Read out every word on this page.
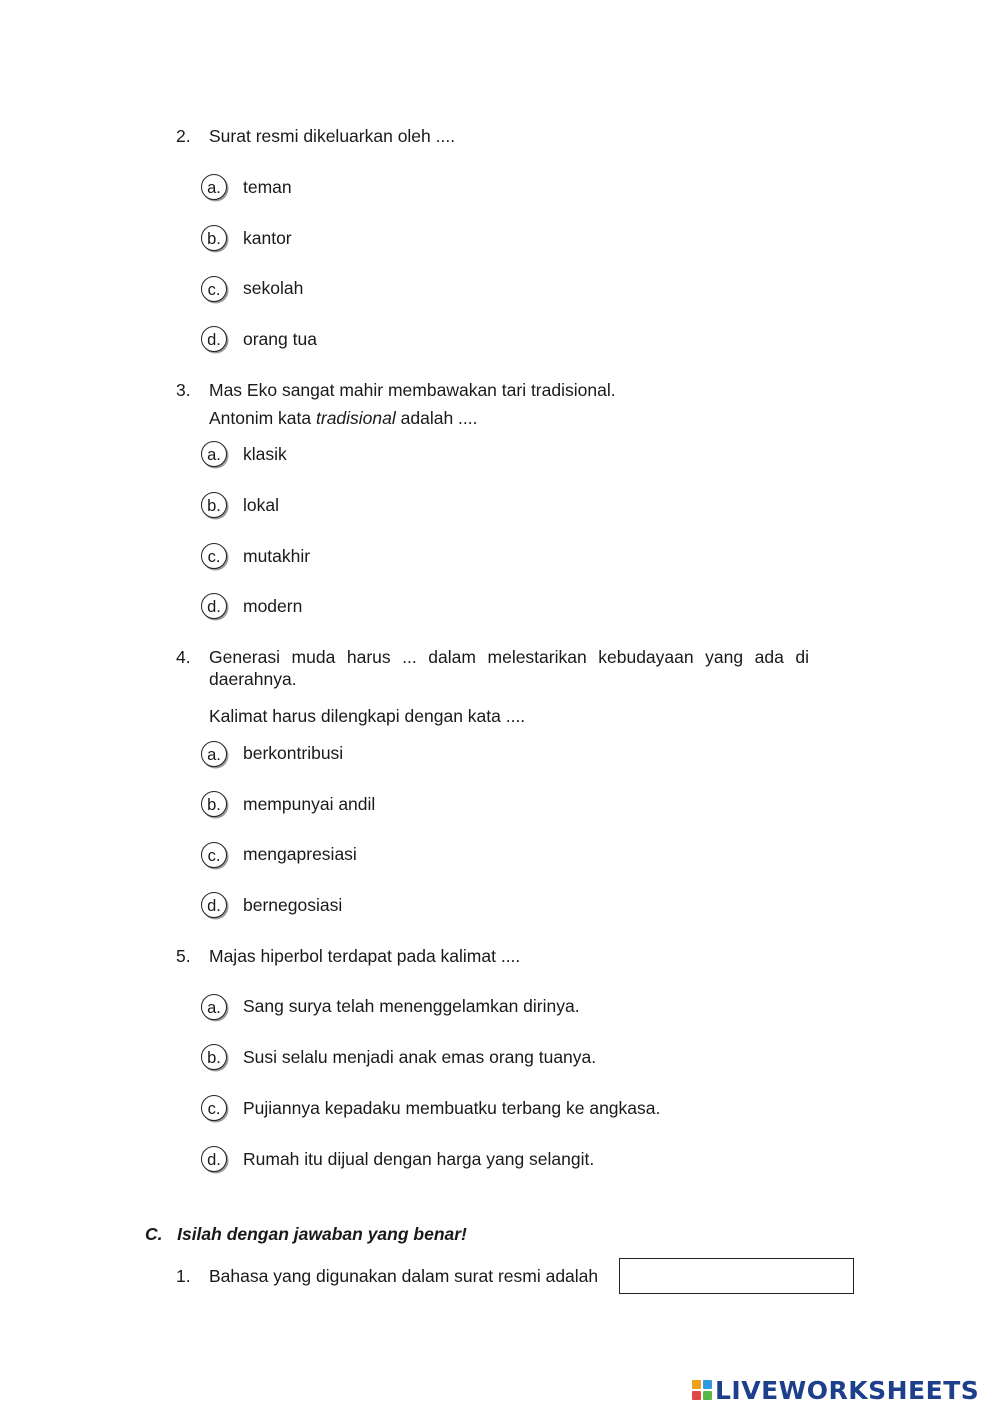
2. Surat resmi dikeluarkan oleh ....
a.	teman
b.	kantor
c.	sekolah
d.	orang tua
3. Mas Eko sangat mahir membawakan tari tradisional.
Antonim kata tradisional adalah ....
a.	klasik
b.	lokal
c.	mutakhir
d.	modern
4. Generasi muda harus ... dalam melestarikan kebudayaan yang ada di daerahnya.
Kalimat harus dilengkapi dengan kata ....
a.	berkontribusi
b.	mempunyai andil
c.	mengapresiasi
d.	bernegosiasi
5. Majas hiperbol terdapat pada kalimat ....
a.	Sang surya telah menenggelamkan dirinya.
b.	Susi selalu menjadi anak emas orang tuanya.
c.	Pujiannya kepadaku membuatku terbang ke angkasa.
d.	Rumah itu dijual dengan harga yang selangit.
C. Isilah dengan jawaban yang benar!
1. Bahasa yang digunakan dalam surat resmi adalah
LIVEWORKSHEETS
